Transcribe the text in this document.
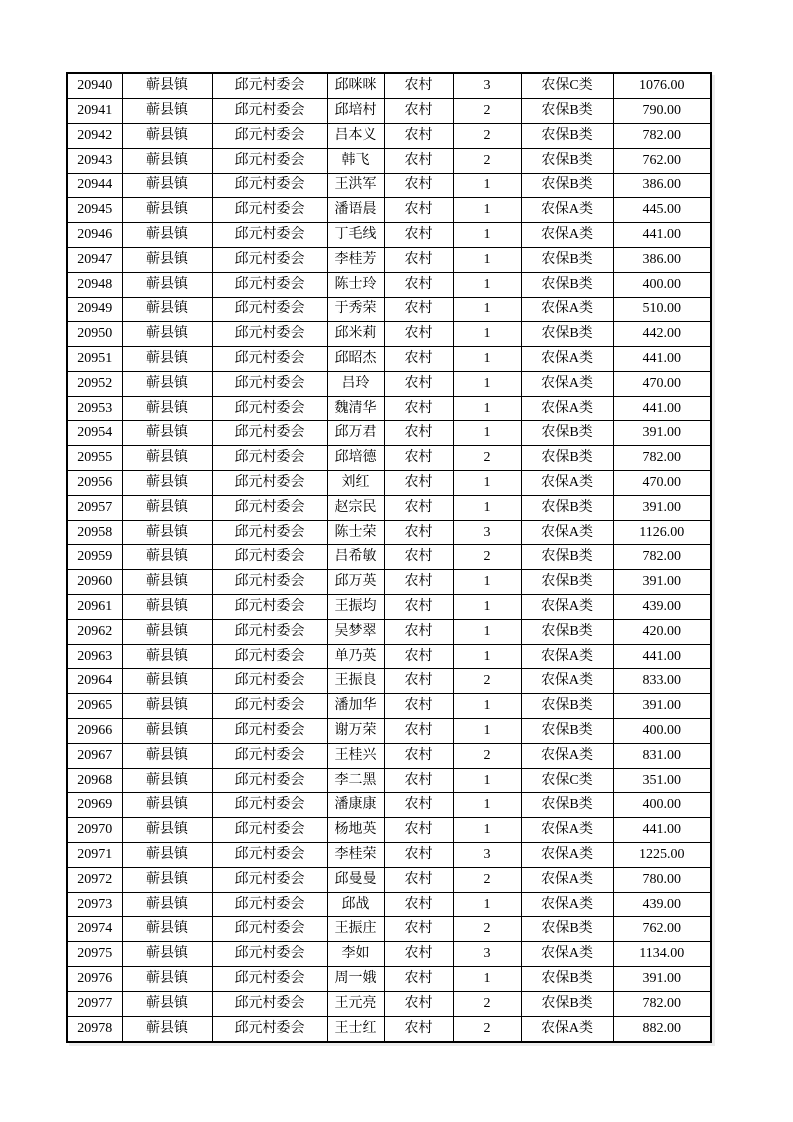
20940	蕲县镇	邱元村委会	邱咪咪	农村	3	农保C类	1076.00
20941	蕲县镇	邱元村委会	邱培村	农村	2	农保B类	790.00
20942	蕲县镇	邱元村委会	吕本义	农村	2	农保B类	782.00
20943	蕲县镇	邱元村委会	韩飞	农村	2	农保B类	762.00
20944	蕲县镇	邱元村委会	王洪军	农村	1	农保B类	386.00
20945	蕲县镇	邱元村委会	潘语晨	农村	1	农保A类	445.00
20946	蕲县镇	邱元村委会	丁毛线	农村	1	农保A类	441.00
20947	蕲县镇	邱元村委会	李桂芳	农村	1	农保B类	386.00
20948	蕲县镇	邱元村委会	陈士玲	农村	1	农保B类	400.00
20949	蕲县镇	邱元村委会	于秀荣	农村	1	农保A类	510.00
20950	蕲县镇	邱元村委会	邱米莉	农村	1	农保B类	442.00
20951	蕲县镇	邱元村委会	邱昭杰	农村	1	农保A类	441.00
20952	蕲县镇	邱元村委会	吕玲	农村	1	农保A类	470.00
20953	蕲县镇	邱元村委会	魏清华	农村	1	农保A类	441.00
20954	蕲县镇	邱元村委会	邱万君	农村	1	农保B类	391.00
20955	蕲县镇	邱元村委会	邱培德	农村	2	农保B类	782.00
20956	蕲县镇	邱元村委会	刘红	农村	1	农保A类	470.00
20957	蕲县镇	邱元村委会	赵宗民	农村	1	农保B类	391.00
20958	蕲县镇	邱元村委会	陈士荣	农村	3	农保A类	1126.00
20959	蕲县镇	邱元村委会	吕希敏	农村	2	农保B类	782.00
20960	蕲县镇	邱元村委会	邱万英	农村	1	农保B类	391.00
20961	蕲县镇	邱元村委会	王振均	农村	1	农保A类	439.00
20962	蕲县镇	邱元村委会	吴梦翠	农村	1	农保B类	420.00
20963	蕲县镇	邱元村委会	单乃英	农村	1	农保A类	441.00
20964	蕲县镇	邱元村委会	王振良	农村	2	农保A类	833.00
20965	蕲县镇	邱元村委会	潘加华	农村	1	农保B类	391.00
20966	蕲县镇	邱元村委会	谢万荣	农村	1	农保B类	400.00
20967	蕲县镇	邱元村委会	王桂兴	农村	2	农保A类	831.00
20968	蕲县镇	邱元村委会	李二黑	农村	1	农保C类	351.00
20969	蕲县镇	邱元村委会	潘康康	农村	1	农保B类	400.00
20970	蕲县镇	邱元村委会	杨地英	农村	1	农保A类	441.00
20971	蕲县镇	邱元村委会	李桂荣	农村	3	农保A类	1225.00
20972	蕲县镇	邱元村委会	邱曼曼	农村	2	农保A类	780.00
20973	蕲县镇	邱元村委会	邱战	农村	1	农保A类	439.00
20974	蕲县镇	邱元村委会	王振庄	农村	2	农保B类	762.00
20975	蕲县镇	邱元村委会	李如	农村	3	农保A类	1134.00
20976	蕲县镇	邱元村委会	周一娥	农村	1	农保B类	391.00
20977	蕲县镇	邱元村委会	王元亮	农村	2	农保B类	782.00
20978	蕲县镇	邱元村委会	王士红	农村	2	农保A类	882.00
